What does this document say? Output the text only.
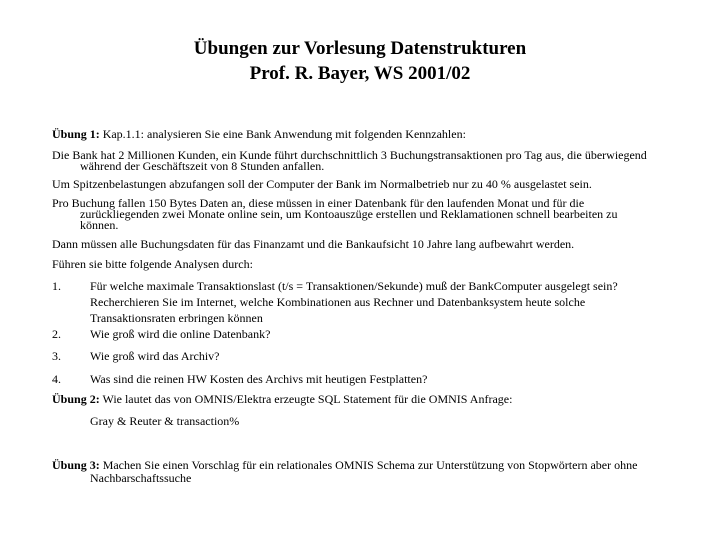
Übungen zur Vorlesung Datenstrukturen
Prof. R. Bayer, WS 2001/02
Übung 1: Kap.1.1: analysieren Sie eine Bank Anwendung mit folgenden Kennzahlen:
Die Bank hat 2 Millionen Kunden, ein Kunde führt durchschnittlich 3 Buchungstransaktionen pro Tag aus, die überwiegend
während der Geschäftszeit von 8 Stunden anfallen.
Um Spitzenbelastungen abzufangen soll der Computer der Bank im Normalbetrieb nur zu 40 % ausgelastet sein.
Pro Buchung fallen 150 Bytes Daten an, diese müssen in einer Datenbank für den laufenden Monat und für die
zurückliegenden zwei Monate online sein, um Kontoauszüge erstellen und Reklamationen schnell bearbeiten zu
können.
Dann müssen alle Buchungsdaten für das Finanzamt und die Bankaufsicht 10 Jahre lang aufbewahrt werden.
Führen sie bitte folgende Analysen durch:
1. Für welche maximale Transaktionslast (t/s = Transaktionen/Sekunde) muß der BankComputer ausgelegt sein?
Recherchieren Sie im Internet, welche Kombinationen aus Rechner und Datenbanksystem heute solche
Transaktionsraten erbringen können
2. Wie groß wird die online Datenbank?
3. Wie groß wird das Archiv?
4. Was sind die reinen HW Kosten des Archivs mit heutigen Festplatten?
Übung 2: Wie lautet das von OMNIS/Elektra erzeugte SQL Statement für die OMNIS Anfrage:
Gray & Reuter & transaction%
Übung 3: Machen Sie einen Vorschlag für ein relationales OMNIS Schema zur Unterstützung von Stopwörtern aber ohne
Nachbarschaftssuche
